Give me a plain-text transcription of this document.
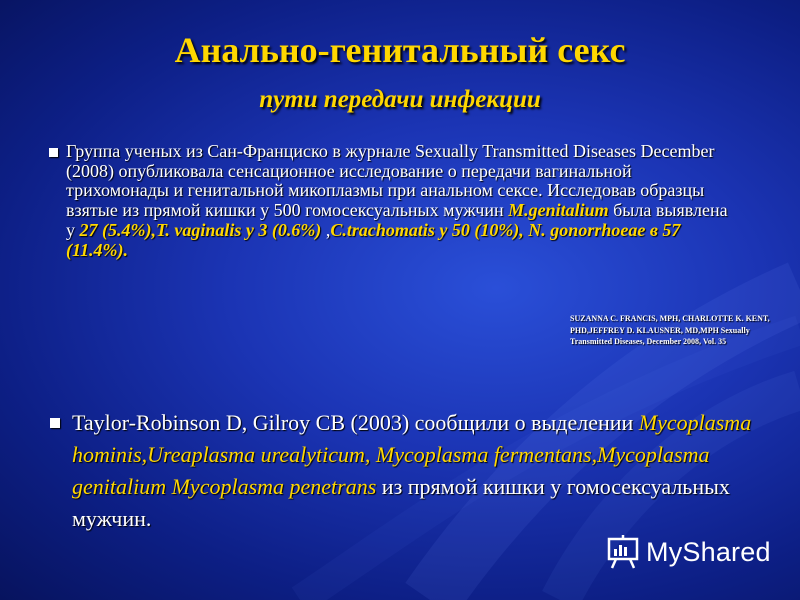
Анально-генитальный секс
пути передачи инфекции
Группа ученых из Сан-Франциско в журнале Sexually Transmitted Diseases December (2008) опубликовала сенсационное исследование о передачи вагинальной трихомонады и генитальной микоплазмы при анальном сексе. Исследовав образцы взятые из прямой кишки у 500 гомосексуальных мужчин M.genitalium была выявлена у 27 (5.4%),T. vaginalis у 3 (0.6%) ,C.trachomatis у 50 (10%), N. gonorrhoeae в 57 (11.4%).
SUZANNA C. FRANCIS, MPH, CHARLOTTE K. KENT, PHD,JEFFREY D. KLAUSNER, MD,MPH Sexually Transmitted Diseases, December 2008, Vol. 35
Taylor-Robinson D, Gilroy CB (2003) сообщили о выделении Mycoplasma hominis,Ureaplasma urealyticum, Mycoplasma fermentans,Mycoplasma genitalium Mycoplasma penetrans из прямой кишки у гомосексуальных мужчин.
MyShared
